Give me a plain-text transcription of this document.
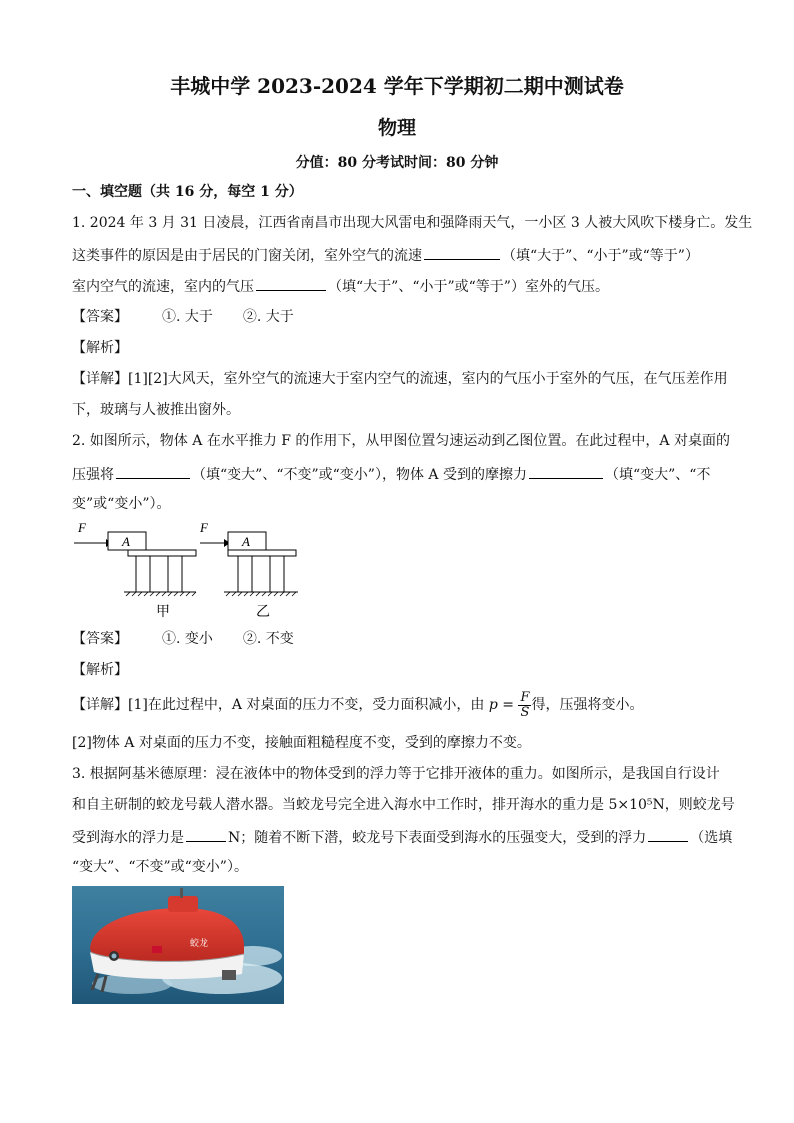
丰城中学 2023-2024 学年下学期初二期中测试卷
物理
分值：80 分考试时间：80 分钟
一、填空题（共 16 分，每空 1 分）
1. 2024 年 3 月 31 日凌晨，江西省南昌市出现大风雷电和强降雨天气，一小区 3 人被大风吹下楼身亡。发生
这类事件的原因是由于居民的门窗关闭，室外空气的流速	（填“大于”、“小于”或“等于”）
室内空气的流速，室内的气压	（填“大于”、“小于”或“等于”）室外的气压。
【答案】 ①. 大于 ②. 大于
【解析】
【详解】[1][2]大风天，室外空气的流速大于室内空气的流速，室内的气压小于室外的气压，在气压差作用
下，玻璃与人被推出窗外。
2. 如图所示，物体 A 在水平推力 F 的作用下，从甲图位置匀速运动到乙图位置。在此过程中，A 对桌面的
压强将	（填“变大”、“不变”或“变小”），物体 A 受到的摩擦力	（填“变大”、“不
变”或“变小”）。
F
A
甲
F
A
乙
【答案】 ①. 变小 ②. 不变
【解析】
【详解】[1]在此过程中，A 对桌面的压力不变，受力面积减小，由 $p = \frac{F}{S}$ 得，压强将变小。
[2]物体 A 对桌面的压力不变，接触面粗糙程度不变，受到的摩擦力不变。
3. 根据阿基米德原理：浸在液体中的物体受到的浮力等于它排开液体的重力。如图所示，是我国自行设计
和自主研制的蛟龙号载人潜水器。当蛟龙号完全进入海水中工作时，排开海水的重力是 5×10⁵N，则蛟龙号
受到海水的浮力是	N；随着不断下潜，蛟龙号下表面受到海水的压强变大，受到的浮力	（选填
“变大”、“不变”或“变小”）。
蛟龙
